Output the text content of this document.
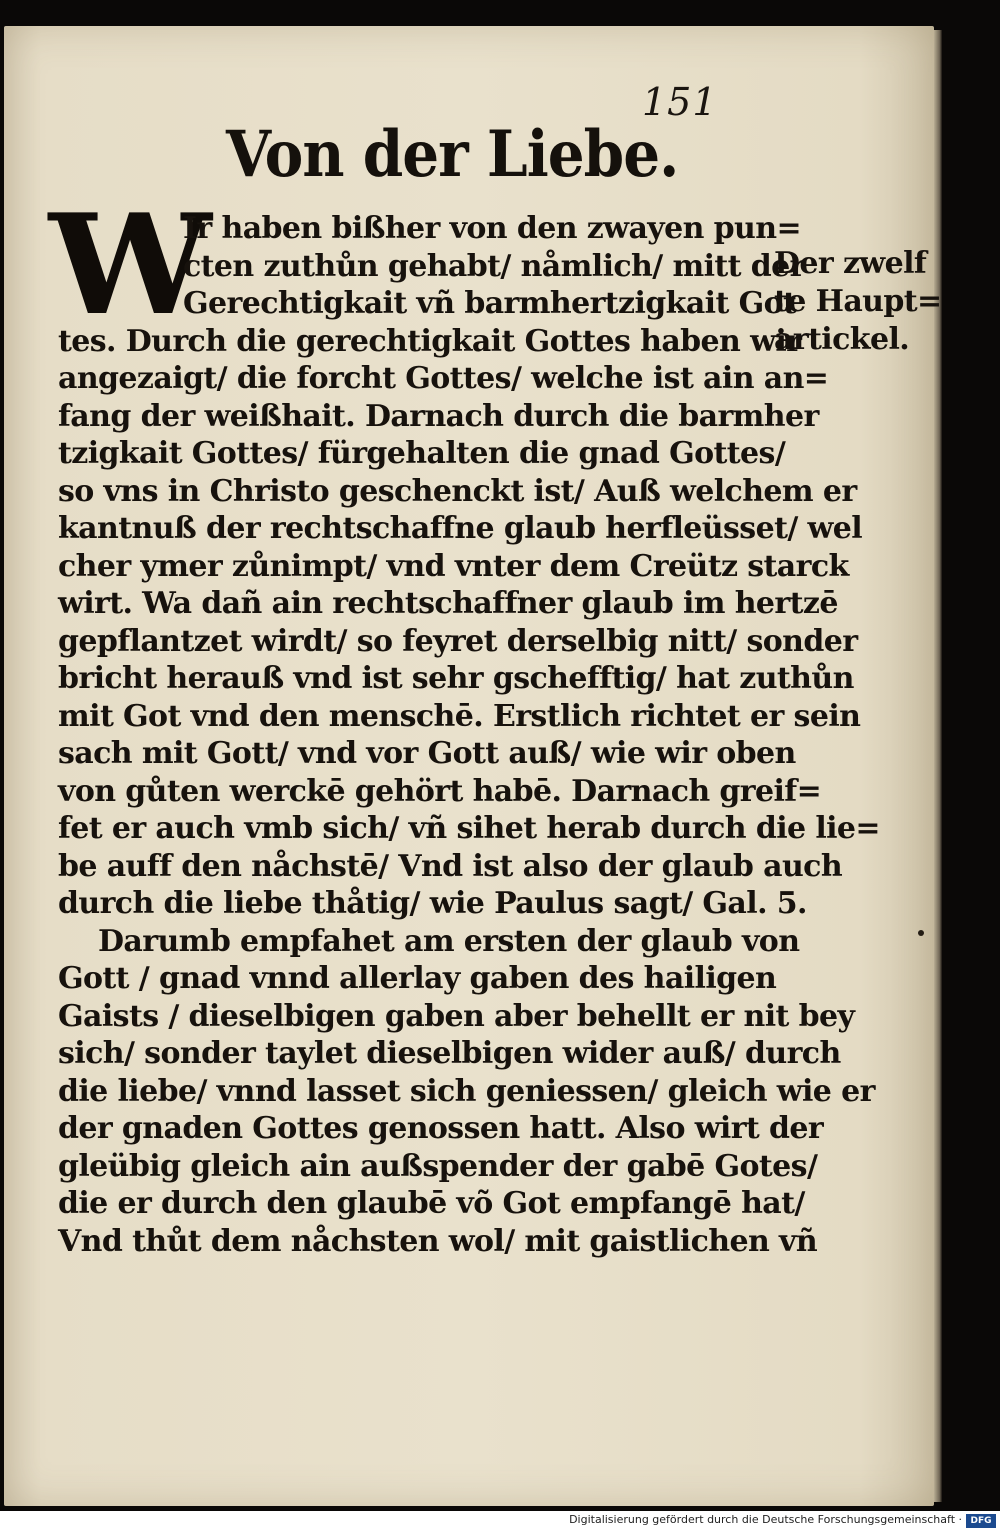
151
Von der Liebe.
W
Ir haben bißher von den zwayen pun=
cten zuthůn gehabt/ nåmlich/ mitt der
Gerechtigkait vñ barmhertzigkait Got
tes. Durch die gerechtigkait Gottes haben wir
angezaigt/ die forcht Gottes/ welche ist ain an=
fang der weißhait. Darnach durch die barmher
tzigkait Gottes/ fürgehalten die gnad Gottes/
so vns in Christo geschenckt ist/ Auß welchem er
kantnuß der rechtschaffne glaub herfleüsset/ wel
cher ymer zůnimpt/ vnd vnter dem Creütz starck
wirt. Wa dañ ain rechtschaffner glaub im hertzē
gepflantzet wirdt/ so feyret derselbig nitt/ sonder
bricht herauß vnd ist sehr gschefftig/ hat zuthůn
mit Got vnd den menschē. Erstlich richtet er sein
sach mit Gott/ vnd vor Gott auß/ wie wir oben
von gůten werckē gehört habē. Darnach greif=
fet er auch vmb sich/ vñ sihet herab durch die lie=
be auff den nåchstē/ Vnd ist also der glaub auch
durch die liebe thåtig/ wie Paulus sagt/ Gal. 5.
Darumb empfahet am ersten der glaub von
Gott / gnad vnnd allerlay gaben des hailigen
Gaists / dieselbigen gaben aber behellt er nit bey
sich/ sonder taylet dieselbigen wider auß/ durch
die liebe/ vnnd lasset sich geniessen/ gleich wie er
der gnaden Gottes genossen hatt. Also wirt der
gleübig gleich ain außspender der gabē Gotes/
die er durch den glaubē võ Got empfangē hat/
Vnd thůt dem nåchsten wol/ mit gaistlichen vñ
Der zwelf
te Haupt=
artickel.
Digitalisierung gefördert durch die Deutsche Forschungsgemeinschaft · DFG
